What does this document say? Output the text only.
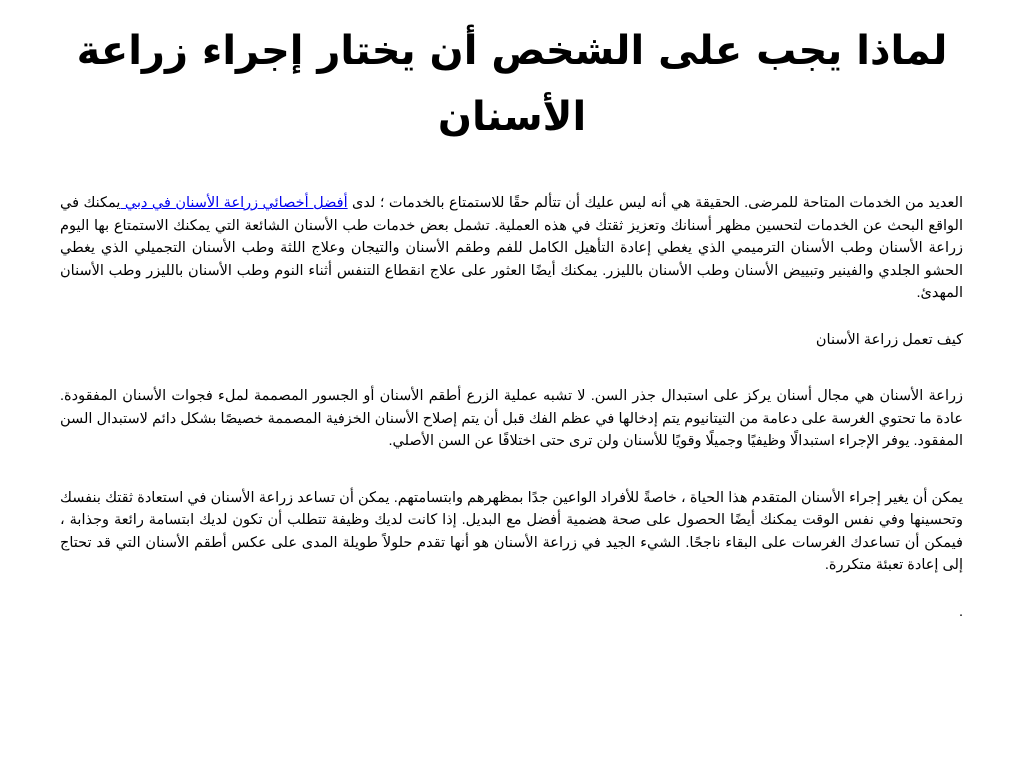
لماذا يجب على الشخص أن يختار إجراء زراعة الأسنان

العديد من الخدمات المتاحة للمرضى. الحقيقة هي أنه ليس عليك أن تتألم حقًا للاستمتاع بالخدمات ؛ لدى أفضل أخصائي زراعة الأسنان في دبي يمكنك في الواقع البحث عن الخدمات لتحسين مظهر أسنانك وتعزيز ثقتك في هذه العملية. تشمل بعض خدمات طب الأسنان الشائعة التي يمكنك الاستمتاع بها اليوم زراعة الأسنان وطب الأسنان الترميمي الذي يغطي إعادة التأهيل الكامل للفم وطقم الأسنان والتيجان وعلاج اللثة وطب الأسنان التجميلي الذي يغطي الحشو الجلدي والفينير وتبييض الأسنان وطب الأسنان بالليزر. يمكنك أيضًا العثور على علاج انقطاع التنفس أثناء النوم وطب الأسنان بالليزر وطب الأسنان المهدئ.

كيف تعمل زراعة الأسنان

زراعة الأسنان هي مجال أسنان يركز على استبدال جذر السن. لا تشبه عملية الزرع أطقم الأسنان أو الجسور المصممة لملء فجوات الأسنان المفقودة. عادة ما تحتوي الغرسة على دعامة من التيتانيوم يتم إدخالها في عظم الفك قبل أن يتم إصلاح الأسنان الخزفية المصممة خصيصًا بشكل دائم لاستبدال السن المفقود. يوفر الإجراء استبدالًا وظيفيًا وجميلًا وقويًا للأسنان ولن ترى حتى اختلافًا عن السن الأصلي.

يمكن أن يغير إجراء الأسنان المتقدم هذا الحياة ، خاصةً للأفراد الواعين جدًا بمظهرهم وابتسامتهم. يمكن أن تساعد زراعة الأسنان في استعادة ثقتك بنفسك وتحسينها وفي نفس الوقت يمكنك أيضًا الحصول على صحة هضمية أفضل مع البديل. إذا كانت لديك وظيفة تتطلب أن تكون لديك ابتسامة رائعة وجذابة ، فيمكن أن تساعدك الغرسات على البقاء ناجحًا. الشيء الجيد في زراعة الأسنان هو أنها تقدم حلولاً طويلة المدى على عكس أطقم الأسنان التي قد تحتاج إلى إعادة تعبئة متكررة.

.
